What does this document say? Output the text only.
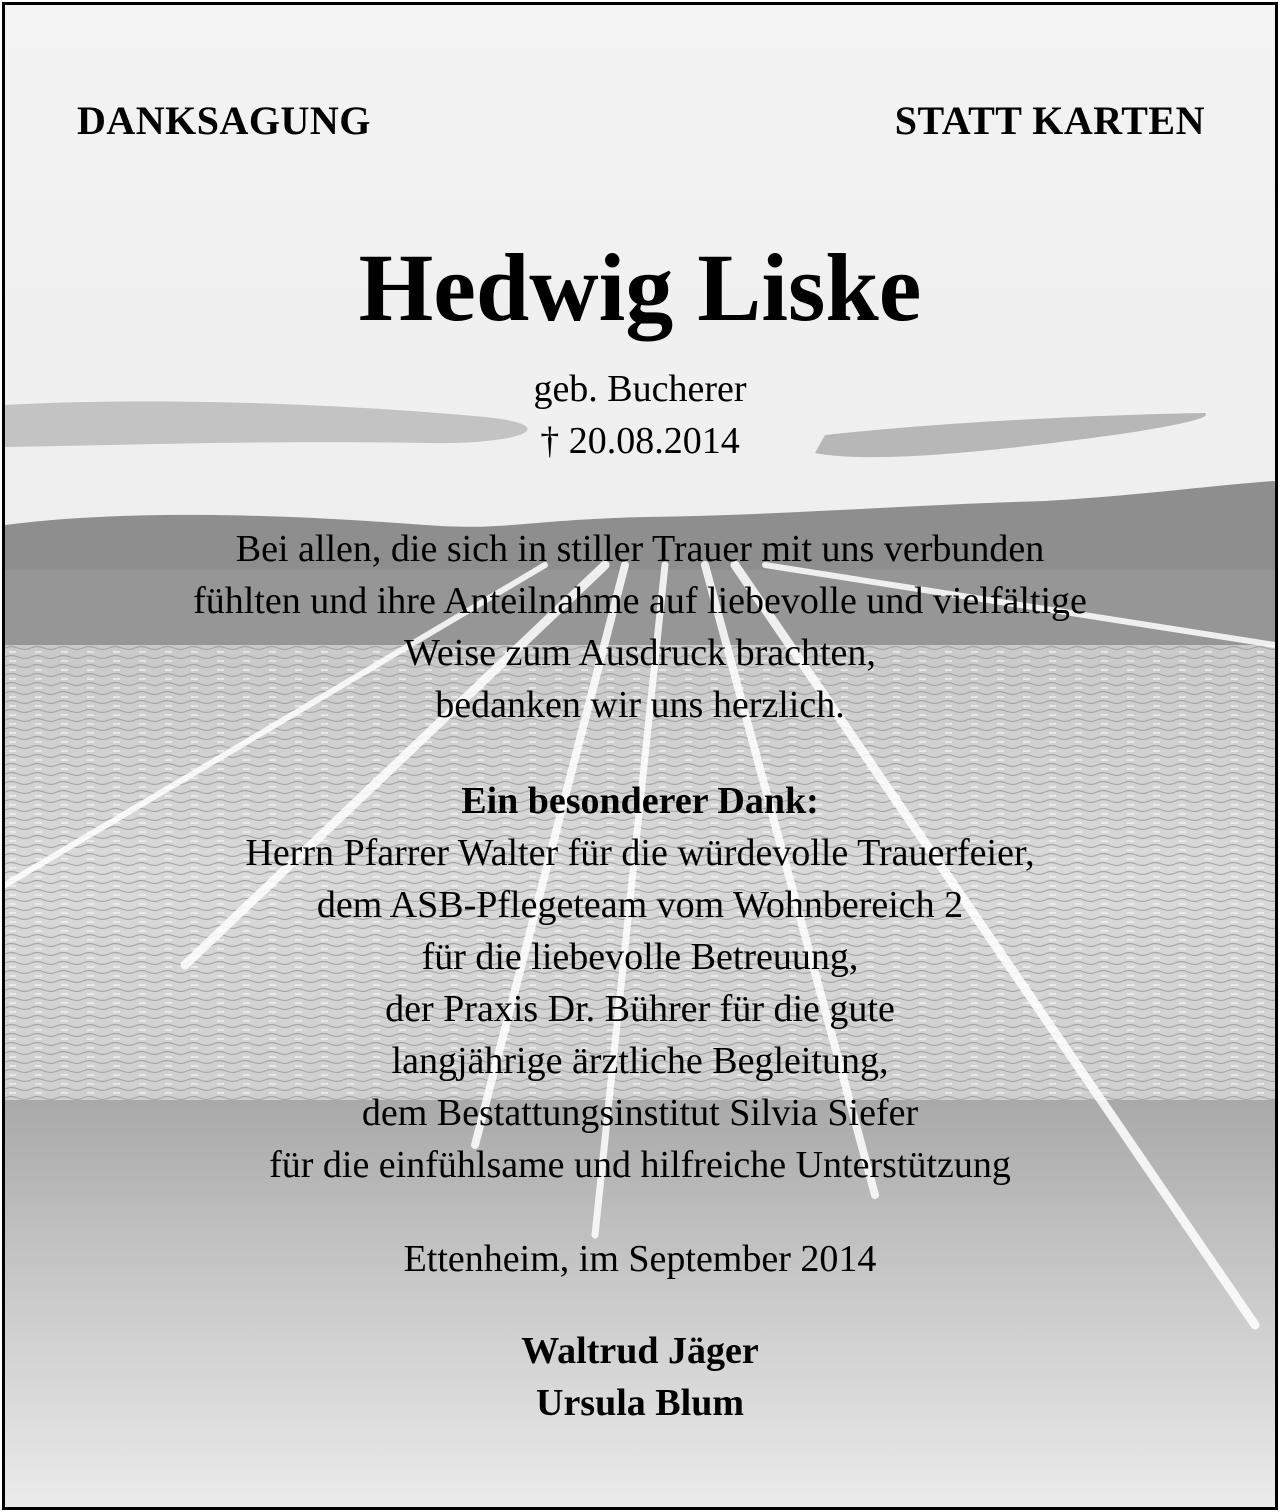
DANKSAGUNG	STATT KARTEN
Hedwig Liske
geb. Bucherer
† 20.08.2014
Bei allen, die sich in stiller Trauer mit uns verbunden
fühlten und ihre Anteilnahme auf liebevolle und vielfältige
Weise zum Ausdruck brachten,
bedanken wir uns herzlich.
Ein besonderer Dank:
Herrn Pfarrer Walter für die würdevolle Trauerfeier,
dem ASB-Pflegeteam vom Wohnbereich 2
für die liebevolle Betreuung,
der Praxis Dr. Bührer für die gute
langjährige ärztliche Begleitung,
dem Bestattungsinstitut Silvia Siefer
für die einfühlsame und hilfreiche Unterstützung
Ettenheim, im September 2014
Waltrud Jäger
Ursula Blum
